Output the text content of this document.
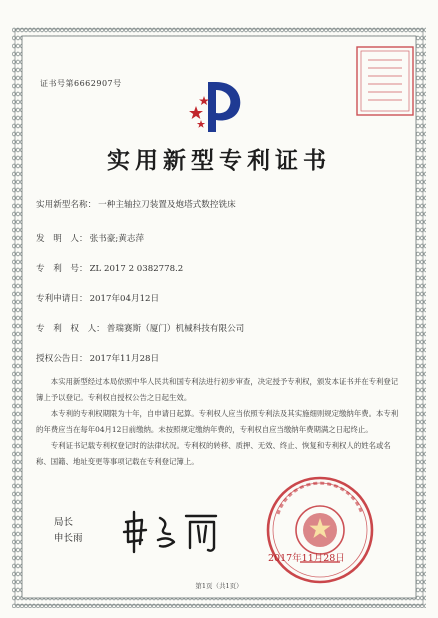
证书号第6662907号
实用新型专利证书
实用新型名称： 一种主轴拉刀装置及炮塔式数控铣床
发　明　人： 张书豪;黄志萍
专　利　号： ZL 2017 2 0382778.2
专利申请日： 2017年04月12日
专　利　权　人： 普瑞赛斯（厦门）机械科技有限公司
授权公告日： 2017年11月28日

本实用新型经过本局依照中华人民共和国专利法进行初步审查，决定授予专利权，颁发本证书并在专利登记簿上予以登记。专利权自授权公告之日起生效。

本专利的专利权期限为十年，自申请日起算。专利权人应当依照专利法及其实施细则规定缴纳年费。本专利的年费应当在每年04月12日前缴纳。未按照规定缴纳年费的，专利权自应当缴纳年费期满之日起终止。

专利证书记载专利权登记时的法律状况。专利权的转移、质押、无效、终止、恢复和专利权人的姓名或名称、国籍、地址变更等事项记载在专利登记簿上。

局长
申长雨
2017年11月28日
第1页（共1页）
